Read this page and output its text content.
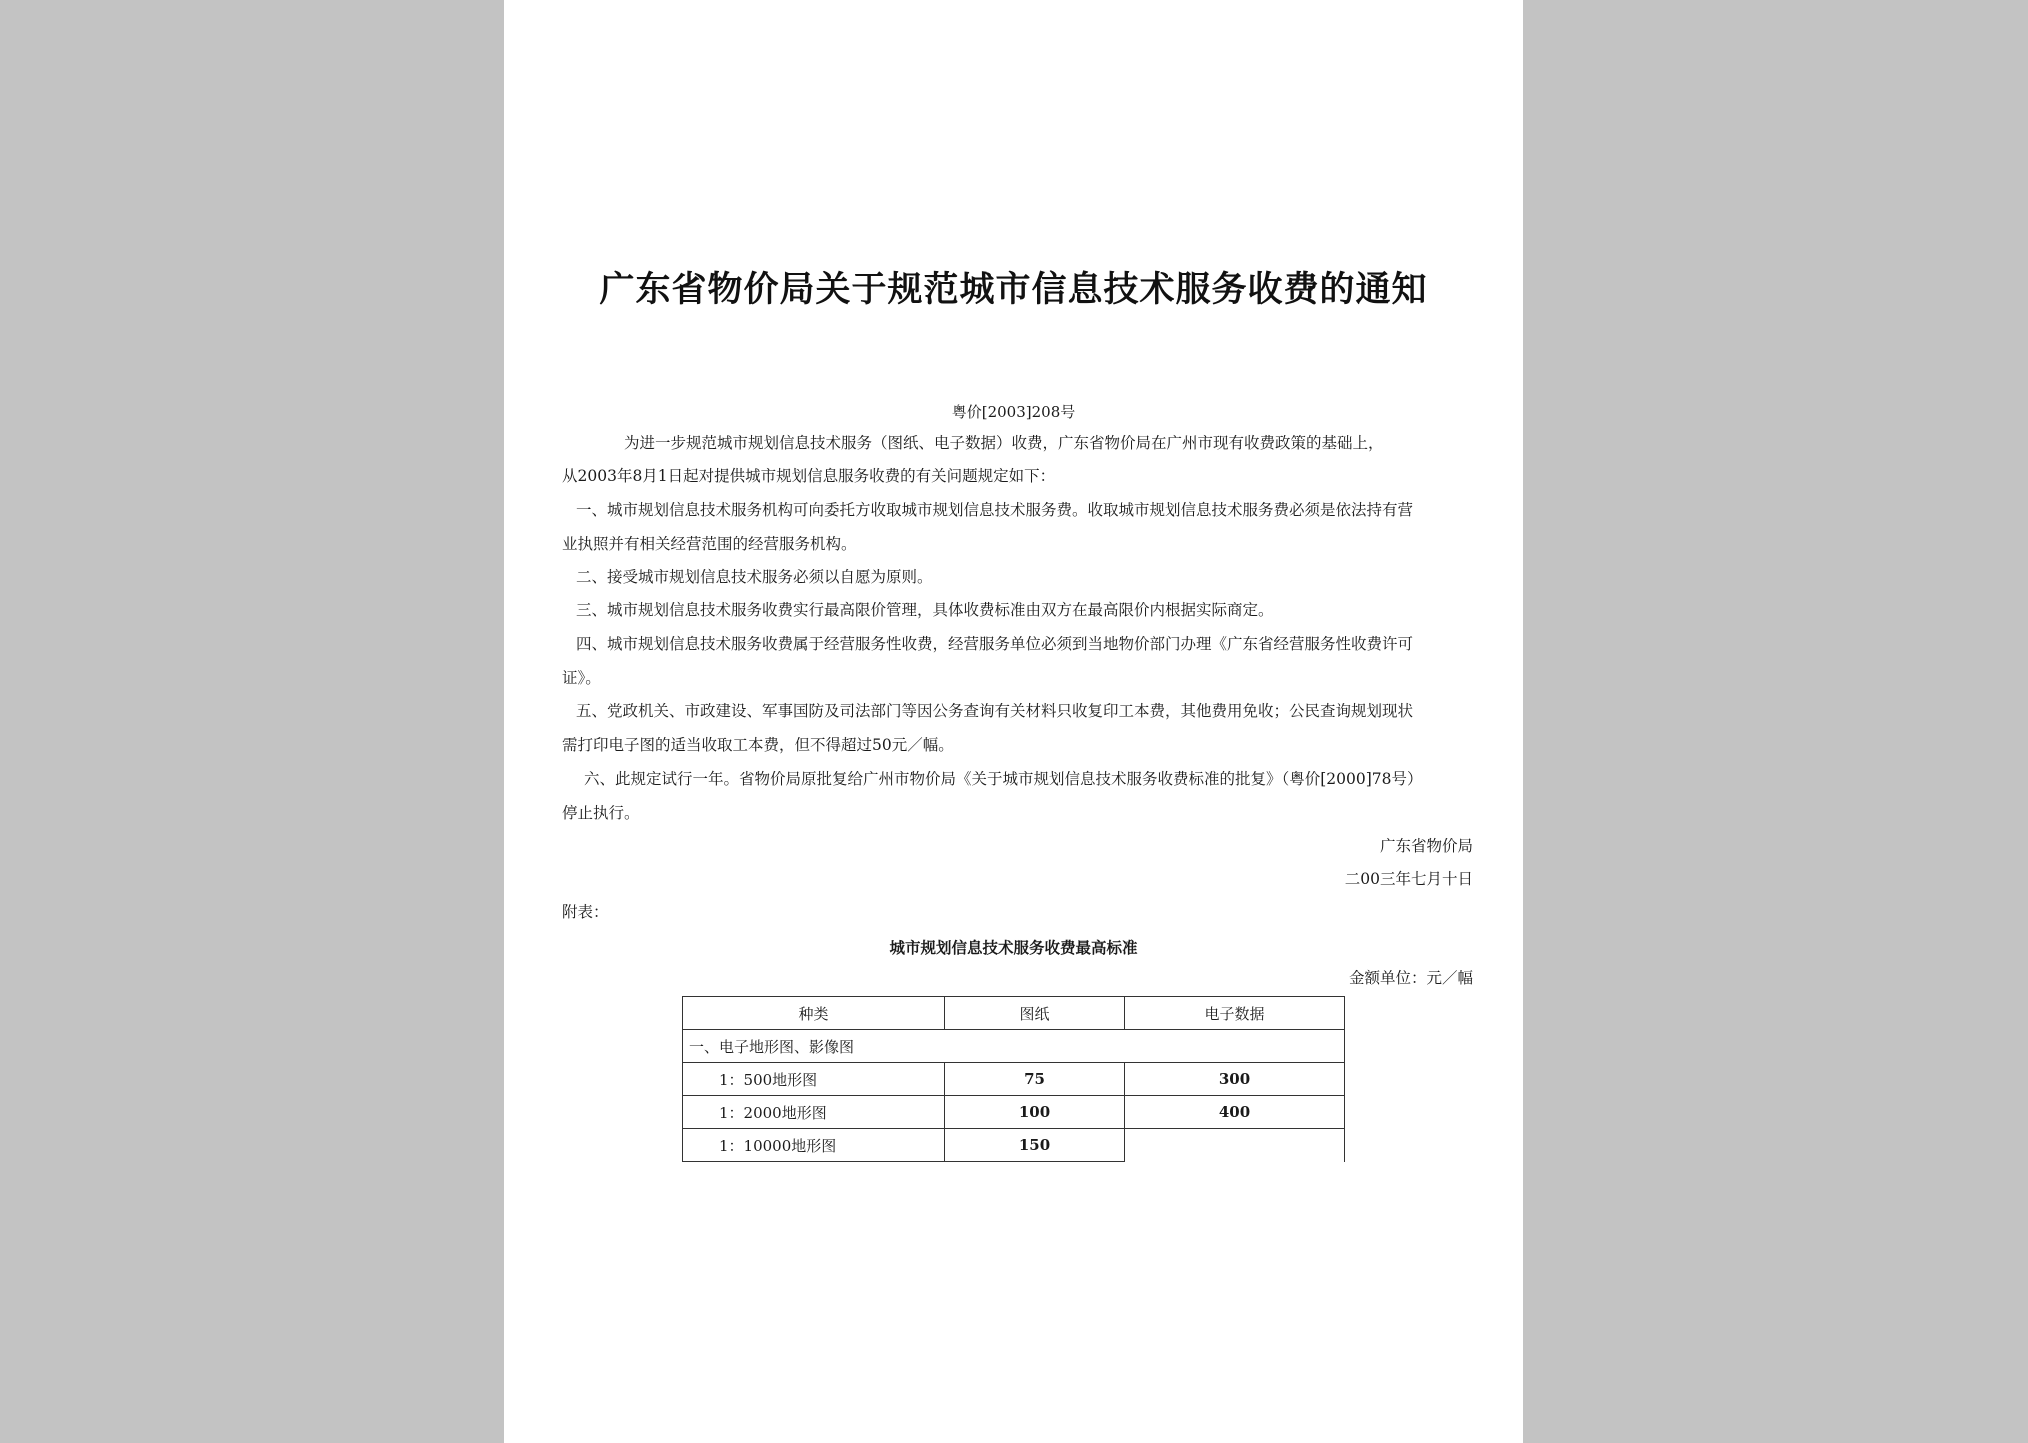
广东省物价局关于规范城市信息技术服务收费的通知
粤价[2003]208号
为进一步规范城市规划信息技术服务（图纸、电子数据）收费，广东省物价局在广州市现有收费政策的基础上，
从2003年8月1日起对提供城市规划信息服务收费的有关问题规定如下：
一、城市规划信息技术服务机构可向委托方收取城市规划信息技术服务费。收取城市规划信息技术服务费必须是依法持有营
业执照并有相关经营范围的经营服务机构。
二、接受城市规划信息技术服务必须以自愿为原则。
三、城市规划信息技术服务收费实行最高限价管理，具体收费标准由双方在最高限价内根据实际商定。
四、城市规划信息技术服务收费属于经营服务性收费，经营服务单位必须到当地物价部门办理《广东省经营服务性收费许可
证》。
五、党政机关、市政建设、军事国防及司法部门等因公务查询有关材料只收复印工本费，其他费用免收；公民查询规划现状
需打印电子图的适当收取工本费，但不得超过50元／幅。
六、此规定试行一年。省物价局原批复给广州市物价局《关于城市规划信息技术服务收费标准的批复》（粤价[2000]78号）
停止执行。
广东省物价局
二00三年七月十日
附表：
城市规划信息技术服务收费最高标准
金额单位：元／幅
种类	图纸	电子数据
一、电子地形图、影像图		
1：500地形图	75	300
1：2000地形图	100	400
1：10000地形图	150	
